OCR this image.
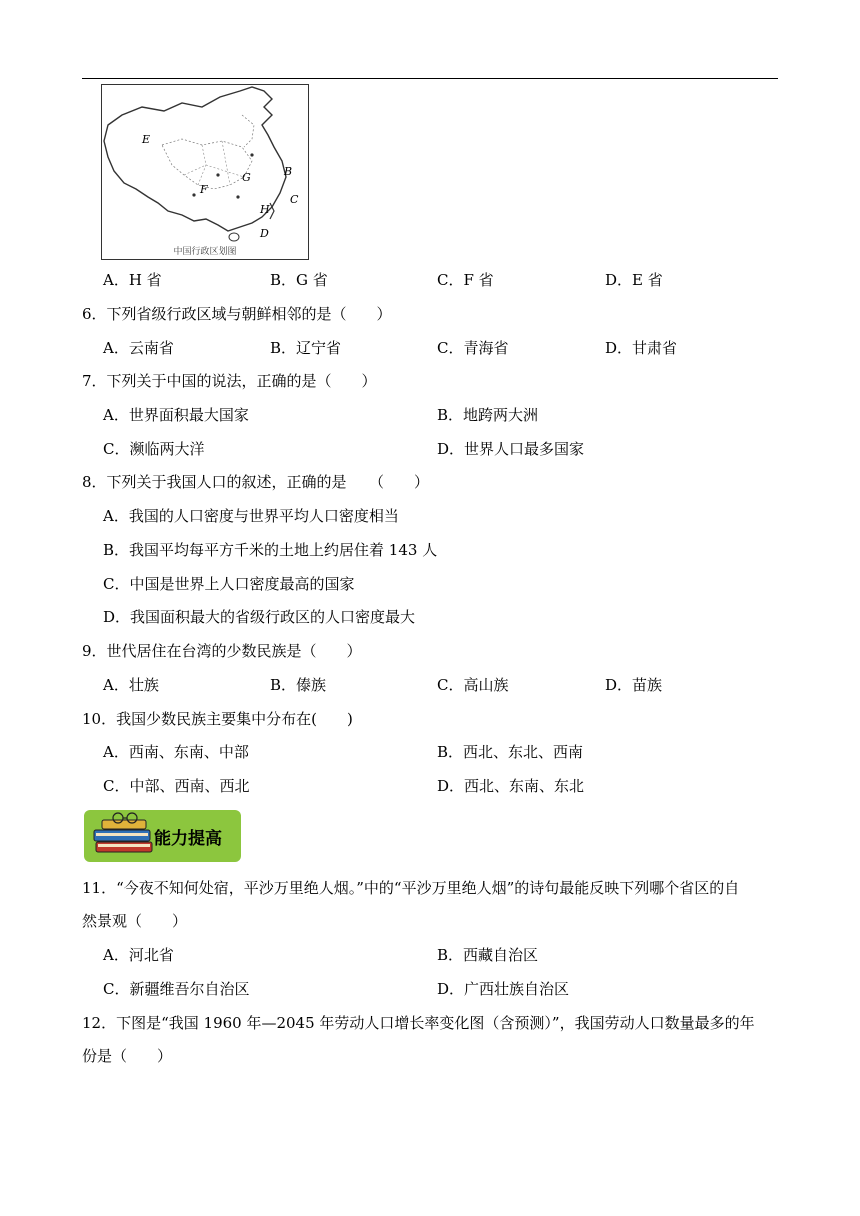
E
F
G	B
H
C
D
中国行政区划图
A．H 省	B．G 省	C．F 省	D．E 省
6．下列省级行政区域与朝鲜相邻的是（　　）
A．云南省	B．辽宁省	C．青海省	D．甘肃省
7．下列关于中国的说法，正确的是（　　）
A．世界面积最大国家	B．地跨两大洲
C．濒临两大洋	D．世界人口最多国家
8．下列关于我国人口的叙述，正确的是　　（　　）
A．我国的人口密度与世界平均人口密度相当
B．我国平均每平方千米的土地上约居住着 143 人
C．中国是世界上人口密度最高的国家
D．我国面积最大的省级行政区的人口密度最大
9．世代居住在台湾的少数民族是（　　）
A．壮族	B．傣族	C．高山族	D．苗族
10．我国少数民族主要集中分布在(　　)
A．西南、东南、中部	B．西北、东北、西南
C．中部、西南、西北	D．西北、东南、东北
能力提高
11．“今夜不知何处宿，平沙万里绝人烟。”中的“平沙万里绝人烟”的诗句最能反映下列哪个省区的自
然景观（　　）
A．河北省	B．西藏自治区
C．新疆维吾尔自治区	D．广西壮族自治区
12．下图是“我国 1960 年—2045 年劳动人口增长率变化图（含预测）”，我国劳动人口数量最多的年
份是（　　）
